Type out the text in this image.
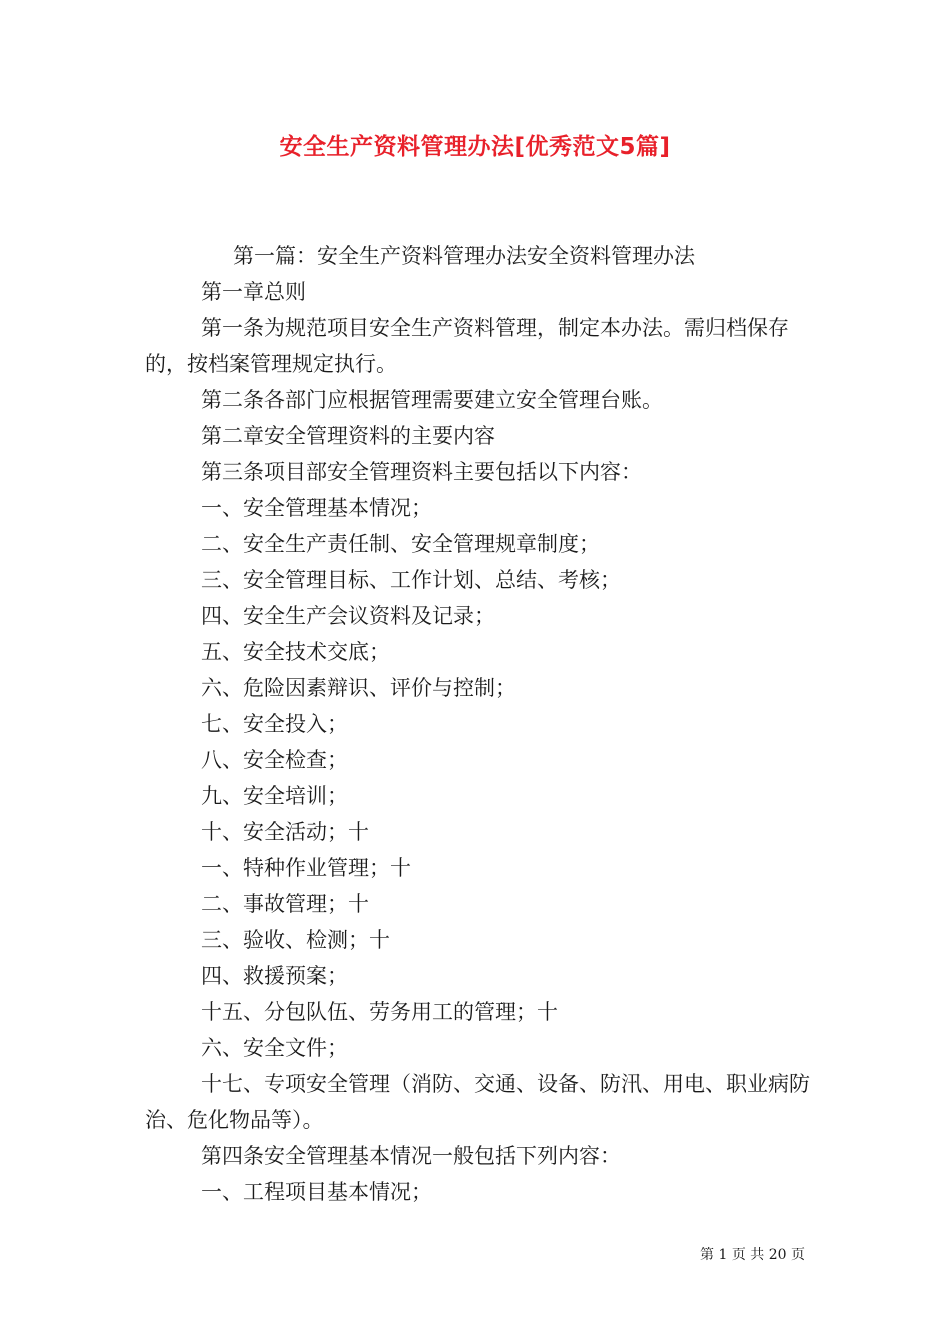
安全生产资料管理办法[优秀范文5篇]

第一篇：安全生产资料管理办法安全资料管理办法

第一章总则

第一条为规范项目安全生产资料管理，制定本办法。需归档保存的，按档案管理规定执行。

第二条各部门应根据管理需要建立安全管理台账。

第二章安全管理资料的主要内容

第三条项目部安全管理资料主要包括以下内容：

一、安全管理基本情况；

二、安全生产责任制、安全管理规章制度；

三、安全管理目标、工作计划、总结、考核；

四、安全生产会议资料及记录；

五、安全技术交底；

六、危险因素辩识、评价与控制；

七、安全投入；

八、安全检查；

九、安全培训；

十、安全活动；十

一、特种作业管理；十

二、事故管理；十

三、验收、检测；十

四、救援预案；

十五、分包队伍、劳务用工的管理；十

六、安全文件；

十七、专项安全管理（消防、交通、设备、防汛、用电、职业病防治、危化物品等）。

第四条安全管理基本情况一般包括下列内容：

一、工程项目基本情况；

第 1 页 共 20 页
